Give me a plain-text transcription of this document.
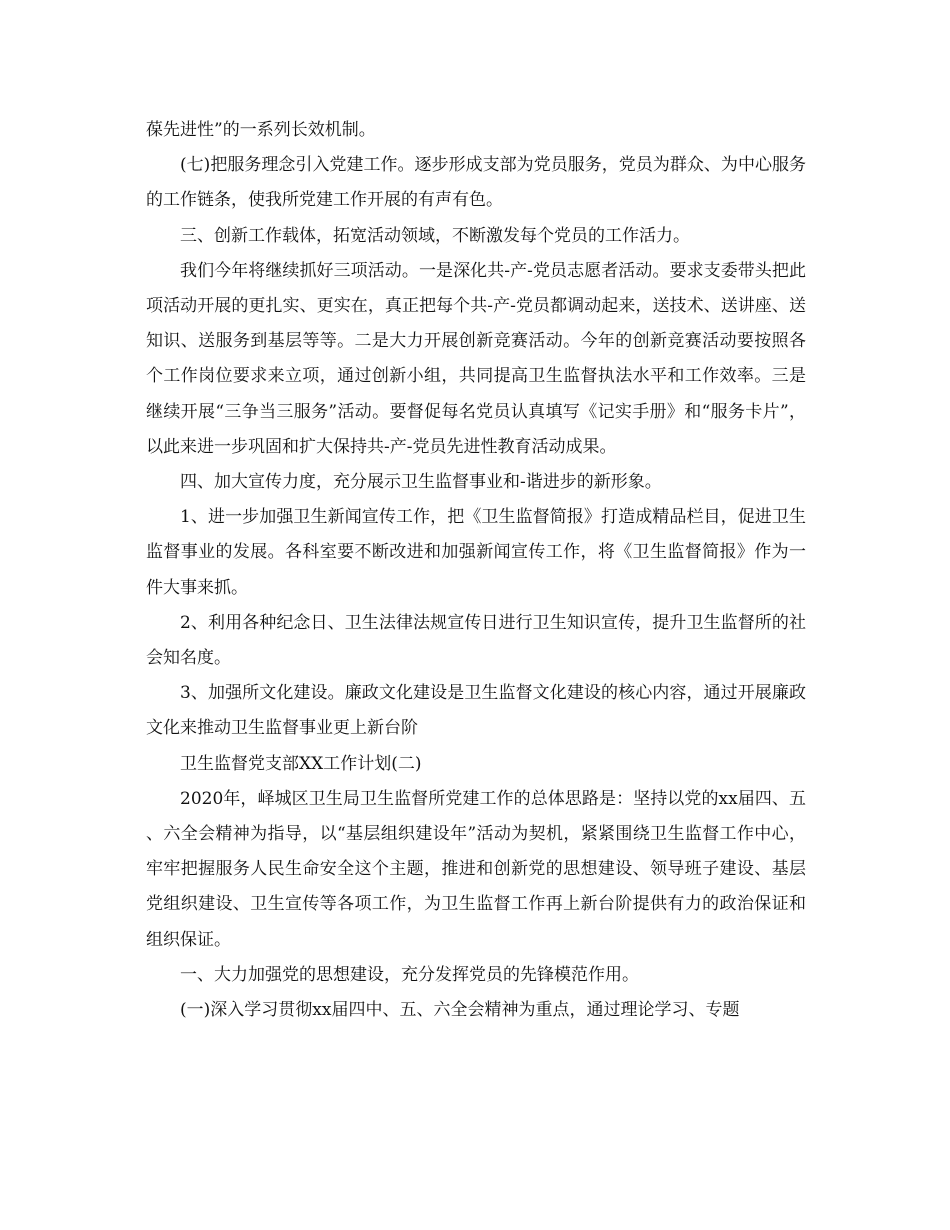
葆先进性”的一系列长效机制。

(七)把服务理念引入党建工作。逐步形成支部为党员服务，党员为群众、为中心服务的工作链条，使我所党建工作开展的有声有色。

三、创新工作载体，拓宽活动领域，不断激发每个党员的工作活力。

我们今年将继续抓好三项活动。一是深化共-产-党员志愿者活动。要求支委带头把此项活动开展的更扎实、更实在，真正把每个共-产-党员都调动起来，送技术、送讲座、送知识、送服务到基层等等。二是大力开展创新竞赛活动。今年的创新竞赛活动要按照各个工作岗位要求来立项，通过创新小组，共同提高卫生监督执法水平和工作效率。三是继续开展“三争当三服务”活动。要督促每名党员认真填写《记实手册》和“服务卡片”，以此来进一步巩固和扩大保持共-产-党员先进性教育活动成果。

四、加大宣传力度，充分展示卫生监督事业和-谐进步的新形象。

1、进一步加强卫生新闻宣传工作，把《卫生监督简报》打造成精品栏目，促进卫生监督事业的发展。各科室要不断改进和加强新闻宣传工作，将《卫生监督简报》作为一件大事来抓。

2、利用各种纪念日、卫生法律法规宣传日进行卫生知识宣传，提升卫生监督所的社会知名度。

3、加强所文化建设。廉政文化建设是卫生监督文化建设的核心内容，通过开展廉政文化来推动卫生监督事业更上新台阶

卫生监督党支部XX工作计划(二)

2020年，峄城区卫生局卫生监督所党建工作的总体思路是：坚持以党的xx届四、五、六全会精神为指导，以“基层组织建设年”活动为契机，紧紧围绕卫生监督工作中心，牢牢把握服务人民生命安全这个主题，推进和创新党的思想建设、领导班子建设、基层党组织建设、卫生宣传等各项工作，为卫生监督工作再上新台阶提供有力的政治保证和组织保证。

一、大力加强党的思想建设，充分发挥党员的先锋模范作用。

(一)深入学习贯彻xx届四中、五、六全会精神为重点，通过理论学习、专题
